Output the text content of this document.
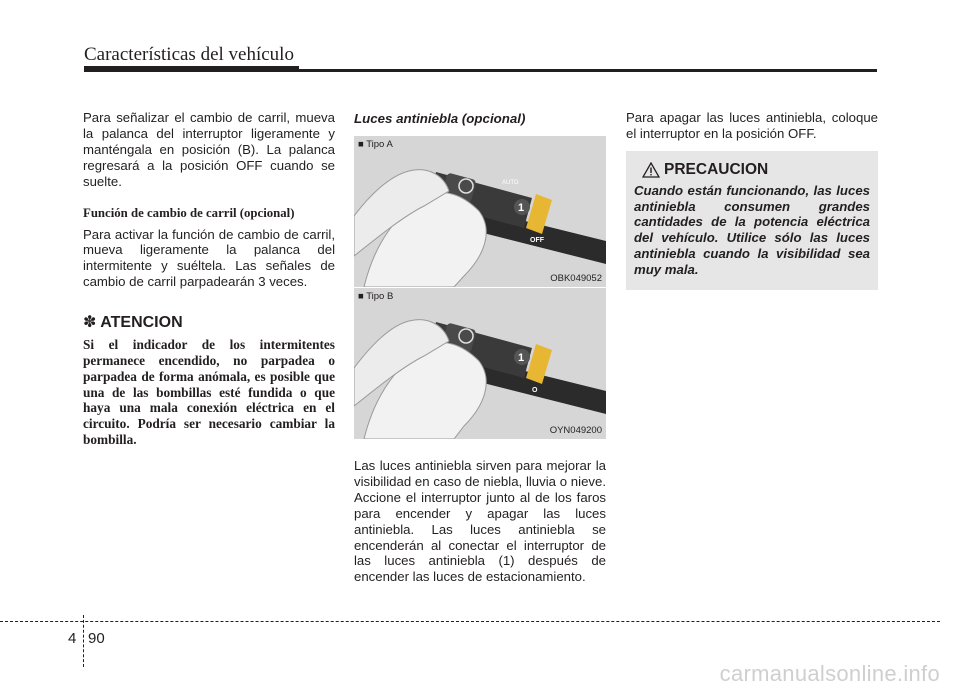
Características del vehículo

Para señalizar el cambio de carril, mueva la palanca del interruptor ligeramente y manténgala en posición (B). La palanca regresará a la posición OFF cuando se suelte.

Función de cambio de carril (opcional)

Para activar la función de cambio de carril, mueva ligeramente la palanca del intermitente y suéltela. Las señales de cambio de carril parpadearán 3 veces.

✽ ATENCION

Si el indicador de los intermitentes permanece encendido, no parpadea o parpadea de forma anómala, es posible que una de las bombillas esté fundida o que haya una mala conexión eléctrica en el circuito. Podría ser necesario cambiar la bombilla.

Luces antiniebla (opcional)
1
AUTO
OFF
■ Tipo A
OBK049052
1
O
■ Tipo B
OYN049200

Las luces antiniebla sirven para mejorar la visibilidad en caso de niebla, lluvia o nieve. Accione el interruptor junto al de los faros para encender y apagar las luces antiniebla. Las luces antiniebla se encenderán al conectar el interruptor de las luces antiniebla (1) después de encender las luces de estacionamiento.

Para apagar las luces antiniebla, coloque el interruptor en la posición OFF.

PRECAUCION

Cuando están funcionando, las luces antiniebla consumen grandes cantidades de la potencia eléctrica del vehículo. Utilice sólo las luces antiniebla cuando la visibilidad sea muy mala.

4 90
carmanualsonline.info
